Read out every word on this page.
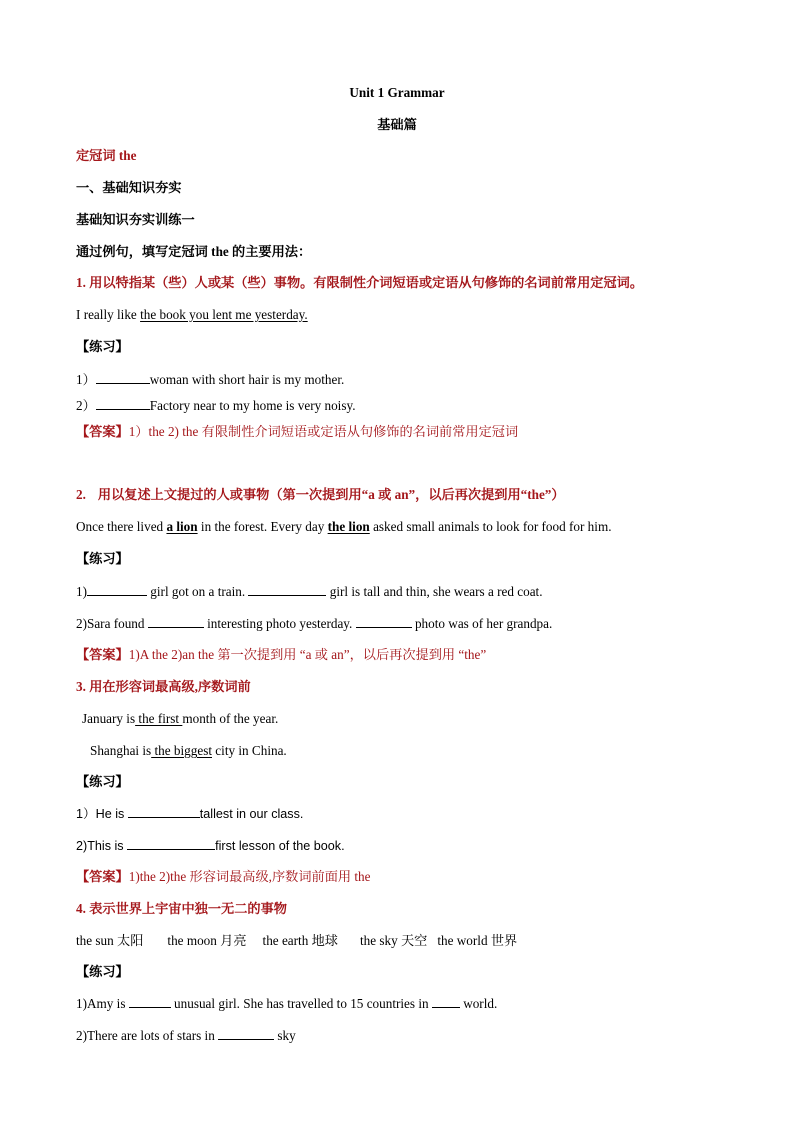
Unit 1 Grammar
基础篇
定冠词 the
一、基础知识夯实
基础知识夯实训练一
通过例句，填写定冠词 the 的主要用法：
1. 用以特指某（些）人或某（些）事物。有限制性介词短语或定语从句修饰的名词前常用定冠词。
I really like the book you lent me yesterday.
【练习】
1）	woman with short hair is my mother.
2）	Factory near to my home is very noisy.
【答案】1）the 2) the 有限制性介词短语或定语从句修饰的名词前常用定冠词
2. 用以复述上文提过的人或事物（第一次提到用“a 或 an”，以后再次提到用“the”）
Once there lived a lion in the forest. Every day the lion asked small animals to look for food for him.
【练习】
1)	girl got on a train.	girl is tall and thin, she wears a red coat.
2)Sara found	interesting photo yesterday.	photo was of her grandpa.
【答案】1)A the 2)an the 第一次提到用 “a 或 an”，以后再次提到用 “the”
3. 用在形容词最高级,序数词前
January is the first month of the year.
Shanghai is the biggest city in China.
【练习】
1）He is	tallest in our class.
2)This is	first lesson of the book.
【答案】1)the 2)the 形容词最高级,序数词前面用 the
4. 表示世界上宇宙中独一无二的事物
the sun 太阳 the moon 月亮 the earth 地球 the sky 天空 the world 世界
【练习】
1)Amy is	unusual girl. She has travelled to 15 countries in  world.
2)There are lots of stars in	sky
